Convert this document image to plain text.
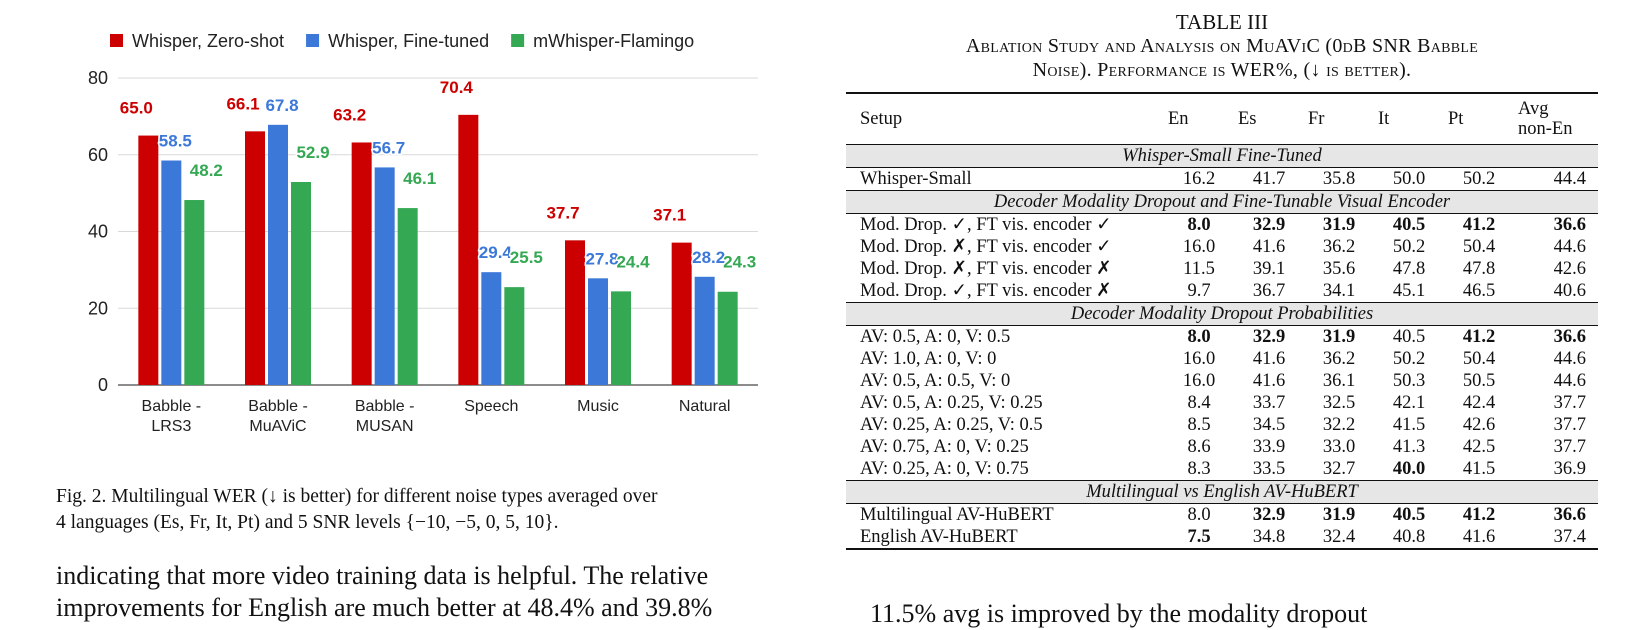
0
20
40
60
80
65.0
58.5
48.2
66.1 67.8
52.9
63.2
56.7
46.1
70.4
29.4
25.5
37.7
27.8
24.4
37.1
28.2
24.3
Babble -
LRS3
Babble -
MuAViC
Babble -
MUSAN
Speech	Music	Natural
Whisper, Zero-shot Whisper, Fine-tuned mWhisper-Flamingo
Fig. 2. Multilingual WER (↓ is better) for different noise types averaged over
4 languages (Es, Fr, It, Pt) and 5 SNR levels {−10, −5, 0, 5, 10}.
indicating that more video training data is helpful. The relative
improvements for English are much better at 48.4% and 39.8%	11.5% avg is improved by the modality dropout
TABLE III
Ablation Study and Analysis on MuAViC (0dB SNR Babble
Noise). Performance is WER%, (↓ is better).
Setup	En	Es	Fr	It	Pt	Avg
non-En

Whisper-Small Fine-Tuned						
Whisper-Small	16.2	41.7	35.8	50.0	50.2	44.4
Decoder Modality Dropout and Fine-Tunable Visual Encoder						
Mod. Drop. ✓, FT vis. encoder ✓	8.0	32.9	31.9	40.5	41.2	36.6
Mod. Drop. ✗, FT vis. encoder ✓	16.0	41.6	36.2	50.2	50.4	44.6
Mod. Drop. ✗, FT vis. encoder ✗	11.5	39.1	35.6	47.8	47.8	42.6
Mod. Drop. ✓, FT vis. encoder ✗	9.7	36.7	34.1	45.1	46.5	40.6
Decoder Modality Dropout Probabilities						
AV: 0.5, A: 0, V: 0.5	8.0	32.9	31.9	40.5	41.2	36.6
AV: 1.0, A: 0, V: 0	16.0	41.6	36.2	50.2	50.4	44.6
AV: 0.5, A: 0.5, V: 0	16.0	41.6	36.1	50.3	50.5	44.6
AV: 0.5, A: 0.25, V: 0.25	8.4	33.7	32.5	42.1	42.4	37.7
AV: 0.25, A: 0.25, V: 0.5	8.5	34.5	32.2	41.5	42.6	37.7
AV: 0.75, A: 0, V: 0.25	8.6	33.9	33.0	41.3	42.5	37.7
AV: 0.25, A: 0, V: 0.75	8.3	33.5	32.7	40.0	41.5	36.9
Multilingual vs English AV-HuBERT						
Multilingual AV-HuBERT	8.0	32.9	31.9	40.5	41.2	36.6
English AV-HuBERT	7.5	34.8	32.4	40.8	41.6	37.4
